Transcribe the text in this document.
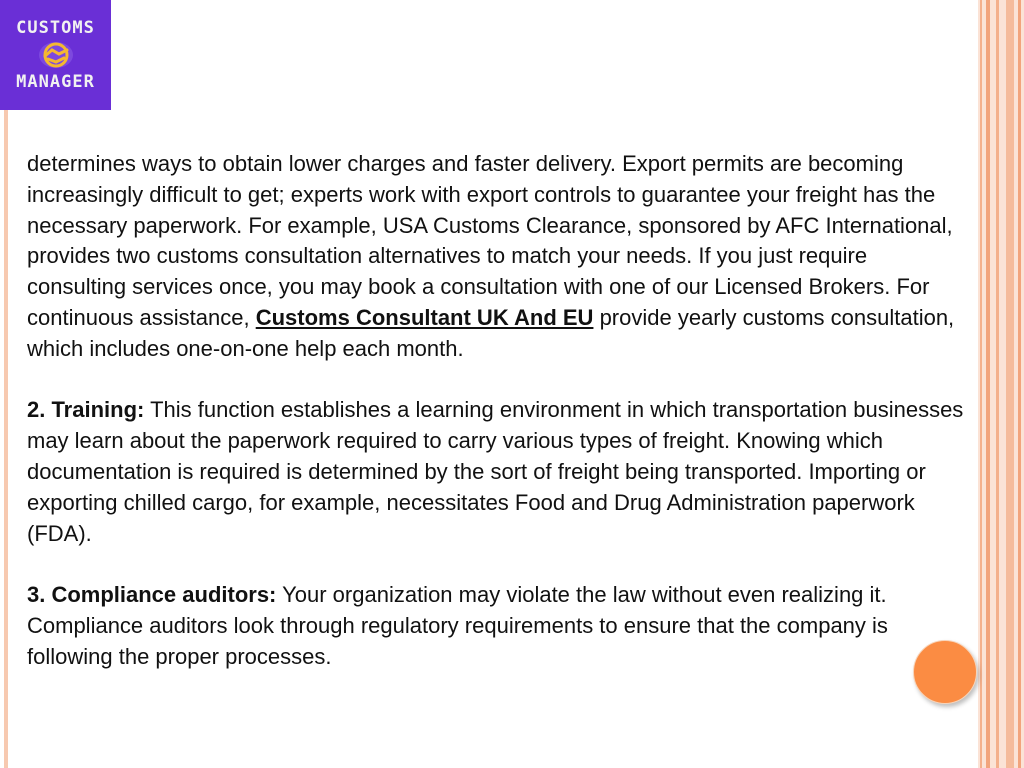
CUSTOMS
MANAGER

determines ways to obtain lower charges and faster delivery. Export permits are becoming increasingly difficult to get; experts work with export controls to guarantee your freight has the necessary paperwork. For example, USA Customs Clearance, sponsored by AFC International, provides two customs consultation alternatives to match your needs. If you just require consulting services once, you may book a consultation with one of our Licensed Brokers. For continuous assistance, Customs Consultant UK And EU provide yearly customs consultation, which includes one-on-one help each month.

2. Training: This function establishes a learning environment in which transportation businesses may learn about the paperwork required to carry various types of freight. Knowing which documentation is required is determined by the sort of freight being transported. Importing or exporting chilled cargo, for example, necessitates Food and Drug Administration paperwork (FDA).

3. Compliance auditors: Your organization may violate the law without even realizing it. Compliance auditors look through regulatory requirements to ensure that the company is following the proper processes.
